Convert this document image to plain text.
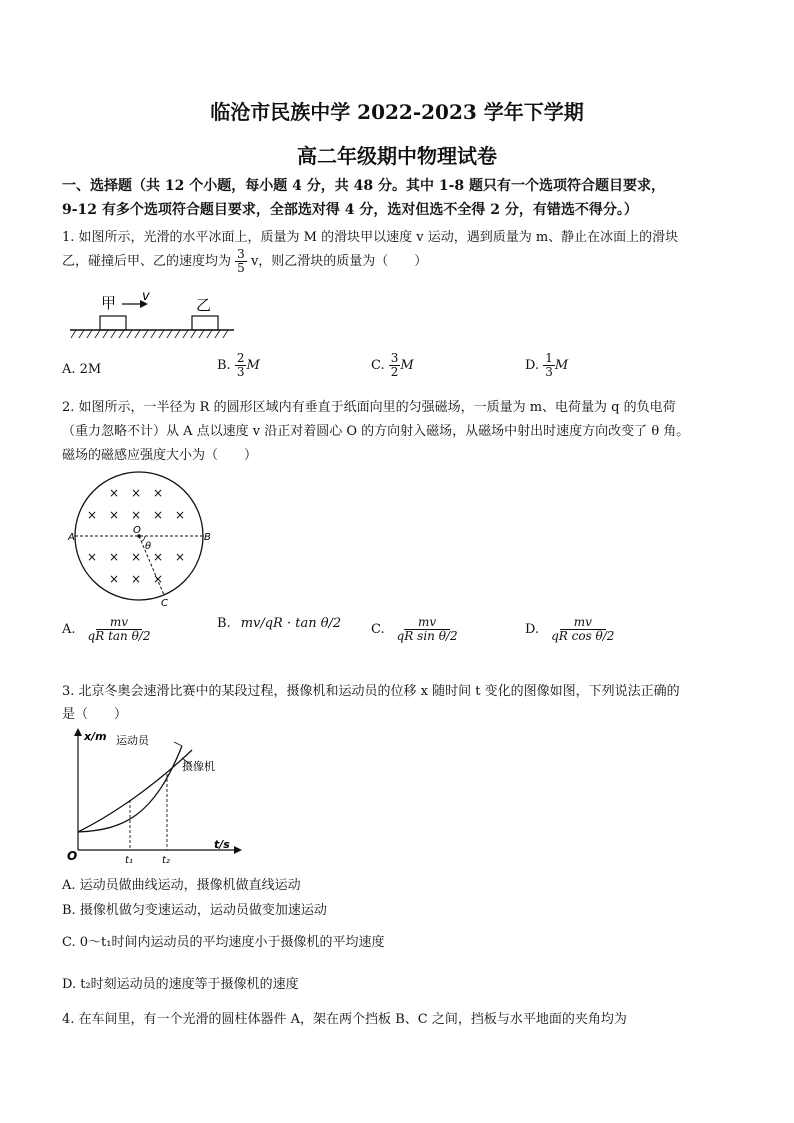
临沧市民族中学 2022-2023 学年下学期
高二年级期中物理试卷
一、选择题（共 12 个小题，每小题 4 分，共 48 分。其中 1-8 题只有一个选项符合题目要求，
9-12 有多个选项符合题目要求，全部选对得 4 分，选对但选不全得 2 分，有错选不得分。）
1. 如图所示，光滑的水平冰面上，质量为 M 的滑块甲以速度 v 运动，遇到质量为 m、静止在冰面上的滑块
乙，碰撞后甲、乙的速度均为 $\frac{3}{5}$ v，则乙滑块的质量为（　　）
甲 v	乙
A. 2M	B. $\frac{2}{3}$ M	C. $\frac{3}{2}$ M	D. $\frac{1}{3}$ M
2. 如图所示，一半径为 R 的圆形区域内有垂直于纸面向里的匀强磁场，一质量为 m、电荷量为 q 的负电荷
（重力忽略不计）从 A 点以速度 v 沿正对着圆心 O 的方向射入磁场，从磁场中射出时速度方向改变了 θ 角。
磁场的磁感应强度大小为（　　）
× × ×
× × × × ×
× × × × ×
× × ×
A	B
O
θ
C
A. $\frac{mv}{\text{qR tan θ/2}}$	B. mv/qR · tan θ/2 C. $\frac{mv}{\text{qR sin θ/2}}$	D. $\frac{mv}{\text{qR cos θ/2}}$
3. 北京冬奥会速滑比赛中的某段过程，摄像机和运动员的位移 x 随时间 t 变化的图像如图，下列说法正确的
是（　　）
x/m
t/s
O
运动员
摄像机
t₁	t₂
A. 运动员做曲线运动，摄像机做直线运动
B. 摄像机做匀变速运动，运动员做变加速运动
C. 0～t₁时间内运动员的平均速度小于摄像机的平均速度
D. t₂时刻运动员的速度等于摄像机的速度
4. 在车间里，有一个光滑的圆柱体器件 A，架在两个挡板 B、C 之间，挡板与水平地面的夹角均为
